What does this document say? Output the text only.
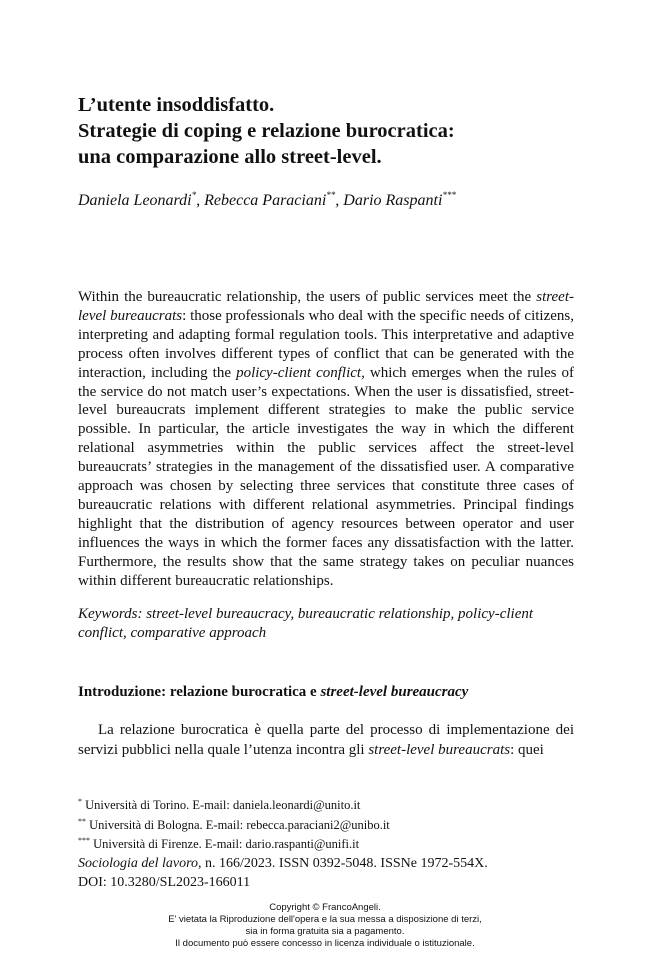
L’utente insoddisfatto.
Strategie di coping e relazione burocratica:
una comparazione allo street-level.
Daniela Leonardi*, Rebecca Paraciani**, Dario Raspanti***
Within the bureaucratic relationship, the users of public services meet the street-level bureaucrats: those professionals who deal with the specific needs of citizens, interpreting and adapting formal regulation tools. This interpretative and adaptive process often involves different types of conflict that can be generated with the interaction, including the policy-client conflict, which emerges when the rules of the service do not match user’s expectations. When the user is dissatisfied, street-level bureaucrats implement different strategies to make the public service possible. In particular, the article investigates the way in which the different relational asymmetries within the public services affect the street-level bureaucrats’ strategies in the management of the dissatisfied user. A comparative approach was chosen by selecting three services that constitute three cases of bureaucratic relations with different relational asymmetries. Principal findings highlight that the distribution of agency resources between operator and user influences the ways in which the former faces any dissatisfaction with the latter. Furthermore, the results show that the same strategy takes on peculiar nuances within different bureaucratic relationships.
Keywords: street-level bureaucracy, bureaucratic relationship, policy-client conflict, comparative approach
Introduzione: relazione burocratica e street-level bureaucracy
La relazione burocratica è quella parte del processo di implementazione dei servizi pubblici nella quale l’utenza incontra gli street-level bureaucrats: quei
* Università di Torino. E-mail: daniela.leonardi@unito.it
** Università di Bologna. E-mail: rebecca.paraciani2@unibo.it
*** Università di Firenze. E-mail: dario.raspanti@unifi.it
Sociologia del lavoro, n. 166/2023. ISSN 0392-5048. ISSNe 1972-554X.
DOI: 10.3280/SL2023-166011
Copyright © FrancoAngeli.
E' vietata la Riproduzione dell'opera e la sua messa a disposizione di terzi,
sia in forma gratuita sia a pagamento.
Il documento può essere concesso in licenza individuale o istituzionale.
